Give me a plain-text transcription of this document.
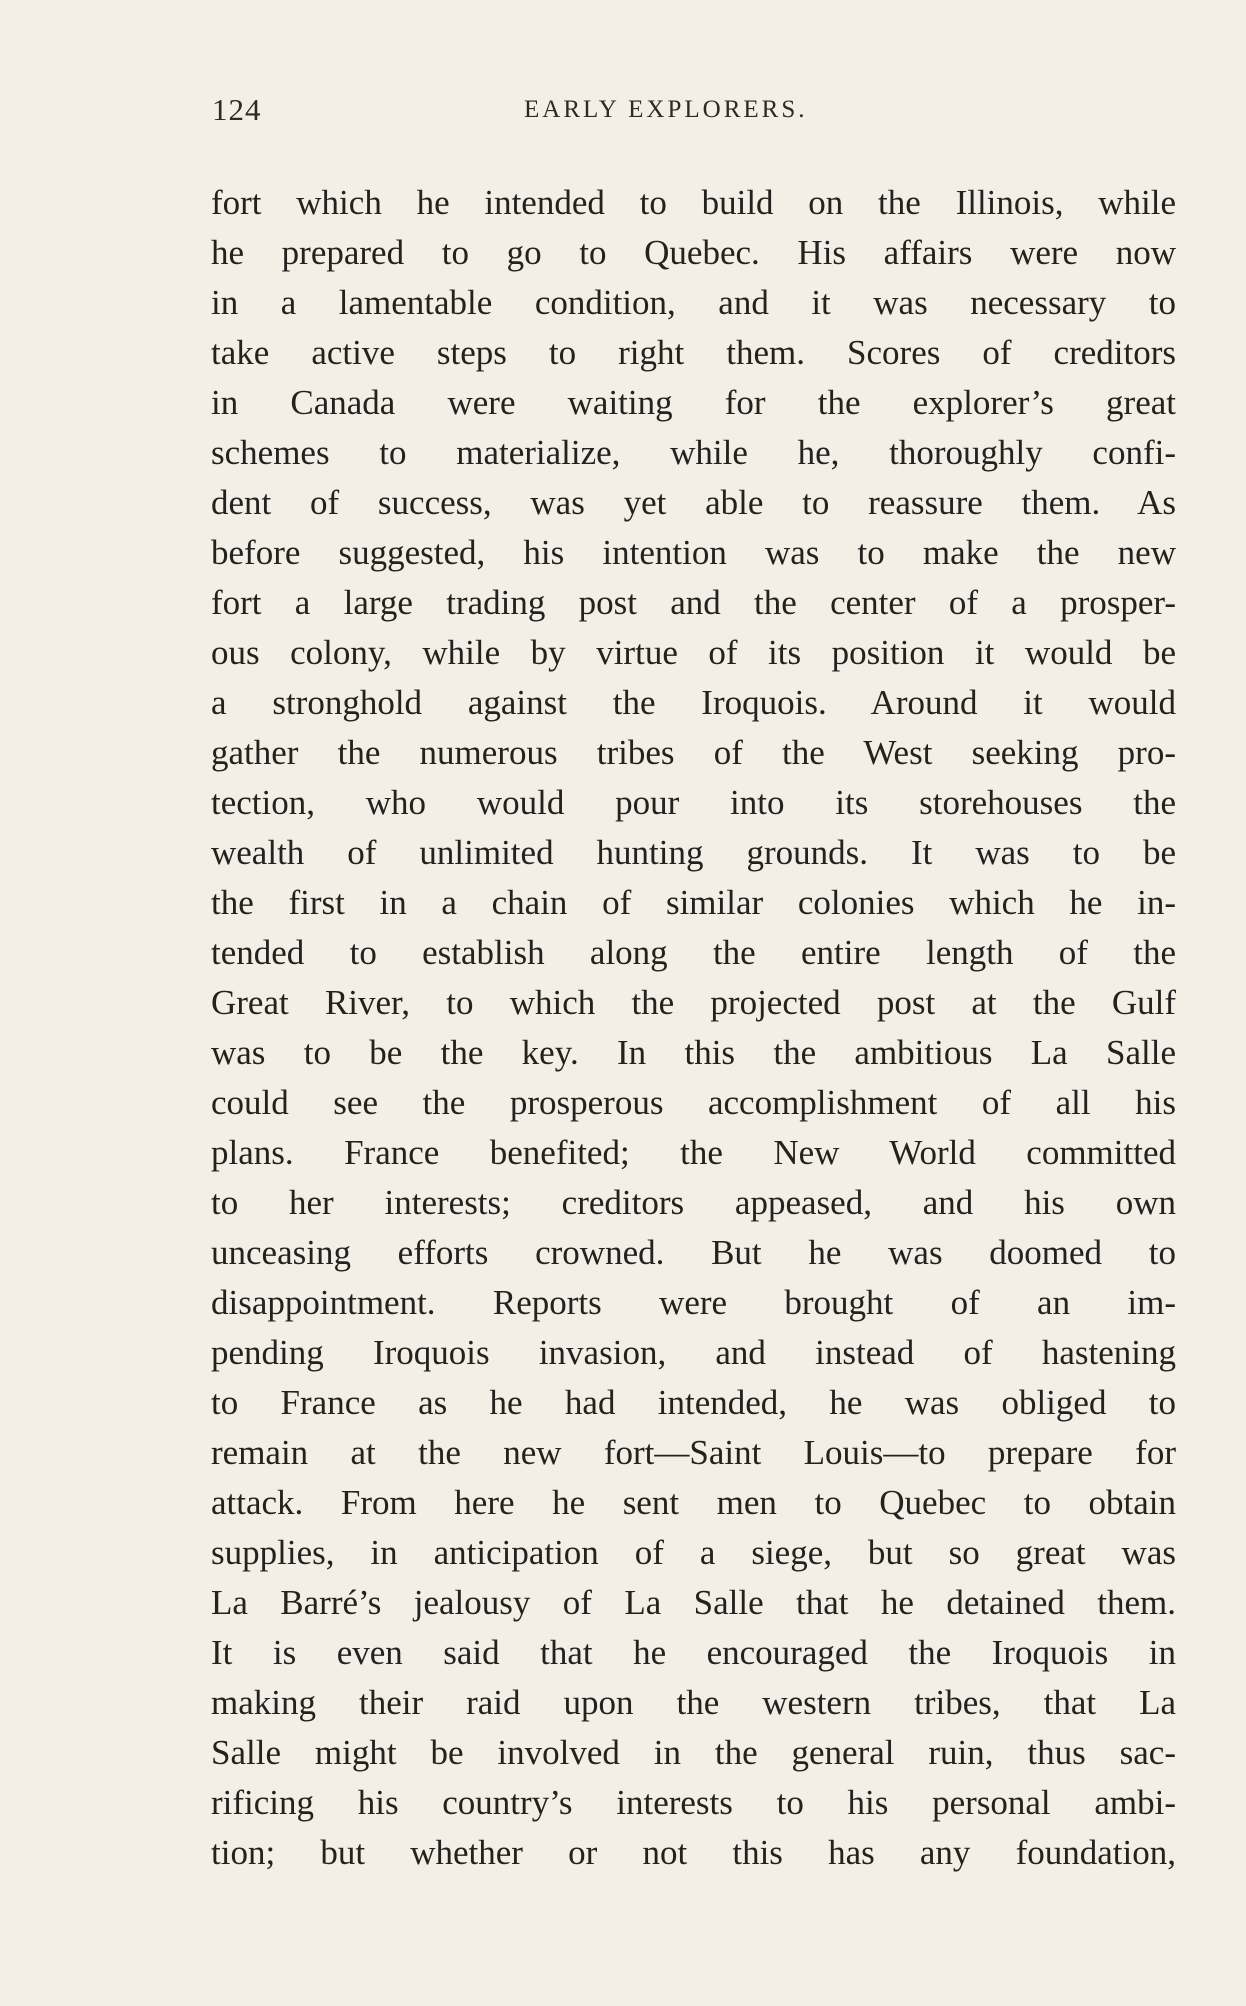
124	EARLY EXPLORERS.
fort which he intended to build on the Illinois, while
he prepared to go to Quebec. His affairs were now
in a lamentable condition, and it was necessary to
take active steps to right them. Scores of creditors
in Canada were waiting for the explorer’s great
schemes to materialize, while he, thoroughly confi-
dent of success, was yet able to reassure them. As
before suggested, his intention was to make the new
fort a large trading post and the center of a prosper-
ous colony, while by virtue of its position it would be
a stronghold against the Iroquois. Around it would
gather the numerous tribes of the West seeking pro-
tection, who would pour into its storehouses the
wealth of unlimited hunting grounds. It was to be
the first in a chain of similar colonies which he in-
tended to establish along the entire length of the
Great River, to which the projected post at the Gulf
was to be the key. In this the ambitious La Salle
could see the prosperous accomplishment of all his
plans. France benefited; the New World committed
to her interests; creditors appeased, and his own
unceasing efforts crowned. But he was doomed to
disappointment. Reports were brought of an im-
pending Iroquois invasion, and instead of hastening
to France as he had intended, he was obliged to
remain at the new fort—Saint Louis—to prepare for
attack. From here he sent men to Quebec to obtain
supplies, in anticipation of a siege, but so great was
La Barré’s jealousy of La Salle that he detained them.
It is even said that he encouraged the Iroquois in
making their raid upon the western tribes, that La
Salle might be involved in the general ruin, thus sac-
rificing his country’s interests to his personal ambi-
tion; but whether or not this has any foundation,
